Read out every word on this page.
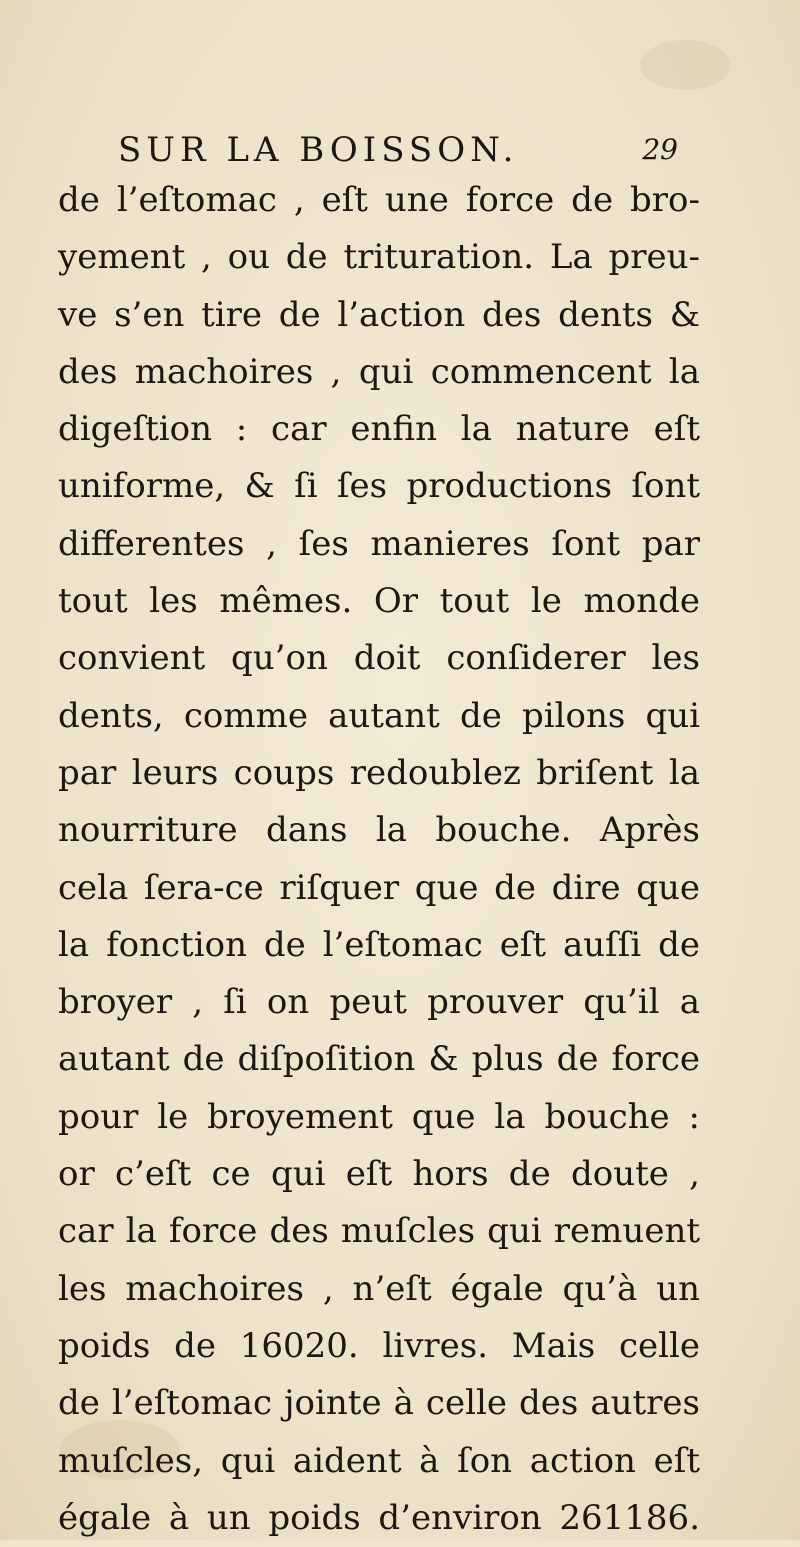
SUR LA BOISSON.	29
de l’eſtomac , eſt une force de bro-
yement , ou de trituration. La preu-
ve s’en tire de l’action des dents &
des machoires , qui commencent la
digeſtion : car enfin la nature eſt
uniforme, & ſi ſes productions ſont
differentes , ſes manieres ſont par
tout les mêmes. Or tout le monde
convient qu’on doit conſiderer les
dents, comme autant de pilons qui
par leurs coups redoublez briſent la
nourriture dans la bouche. Après
cela ſera-ce riſquer que de dire que
la fonction de l’eſtomac eſt auſſi de
broyer , ſi on peut prouver qu’il a
autant de diſpoſition & plus de force
pour le broyement que la bouche :
or c’eſt ce qui eſt hors de doute ,
car la force des muſcles qui remuent
les machoires , n’eſt égale qu’à un
poids de 16020. livres. Mais celle
de l’eſtomac jointe à celle des autres
muſcles, qui aident à ſon action eſt
égale à un poids d’environ 261186.
